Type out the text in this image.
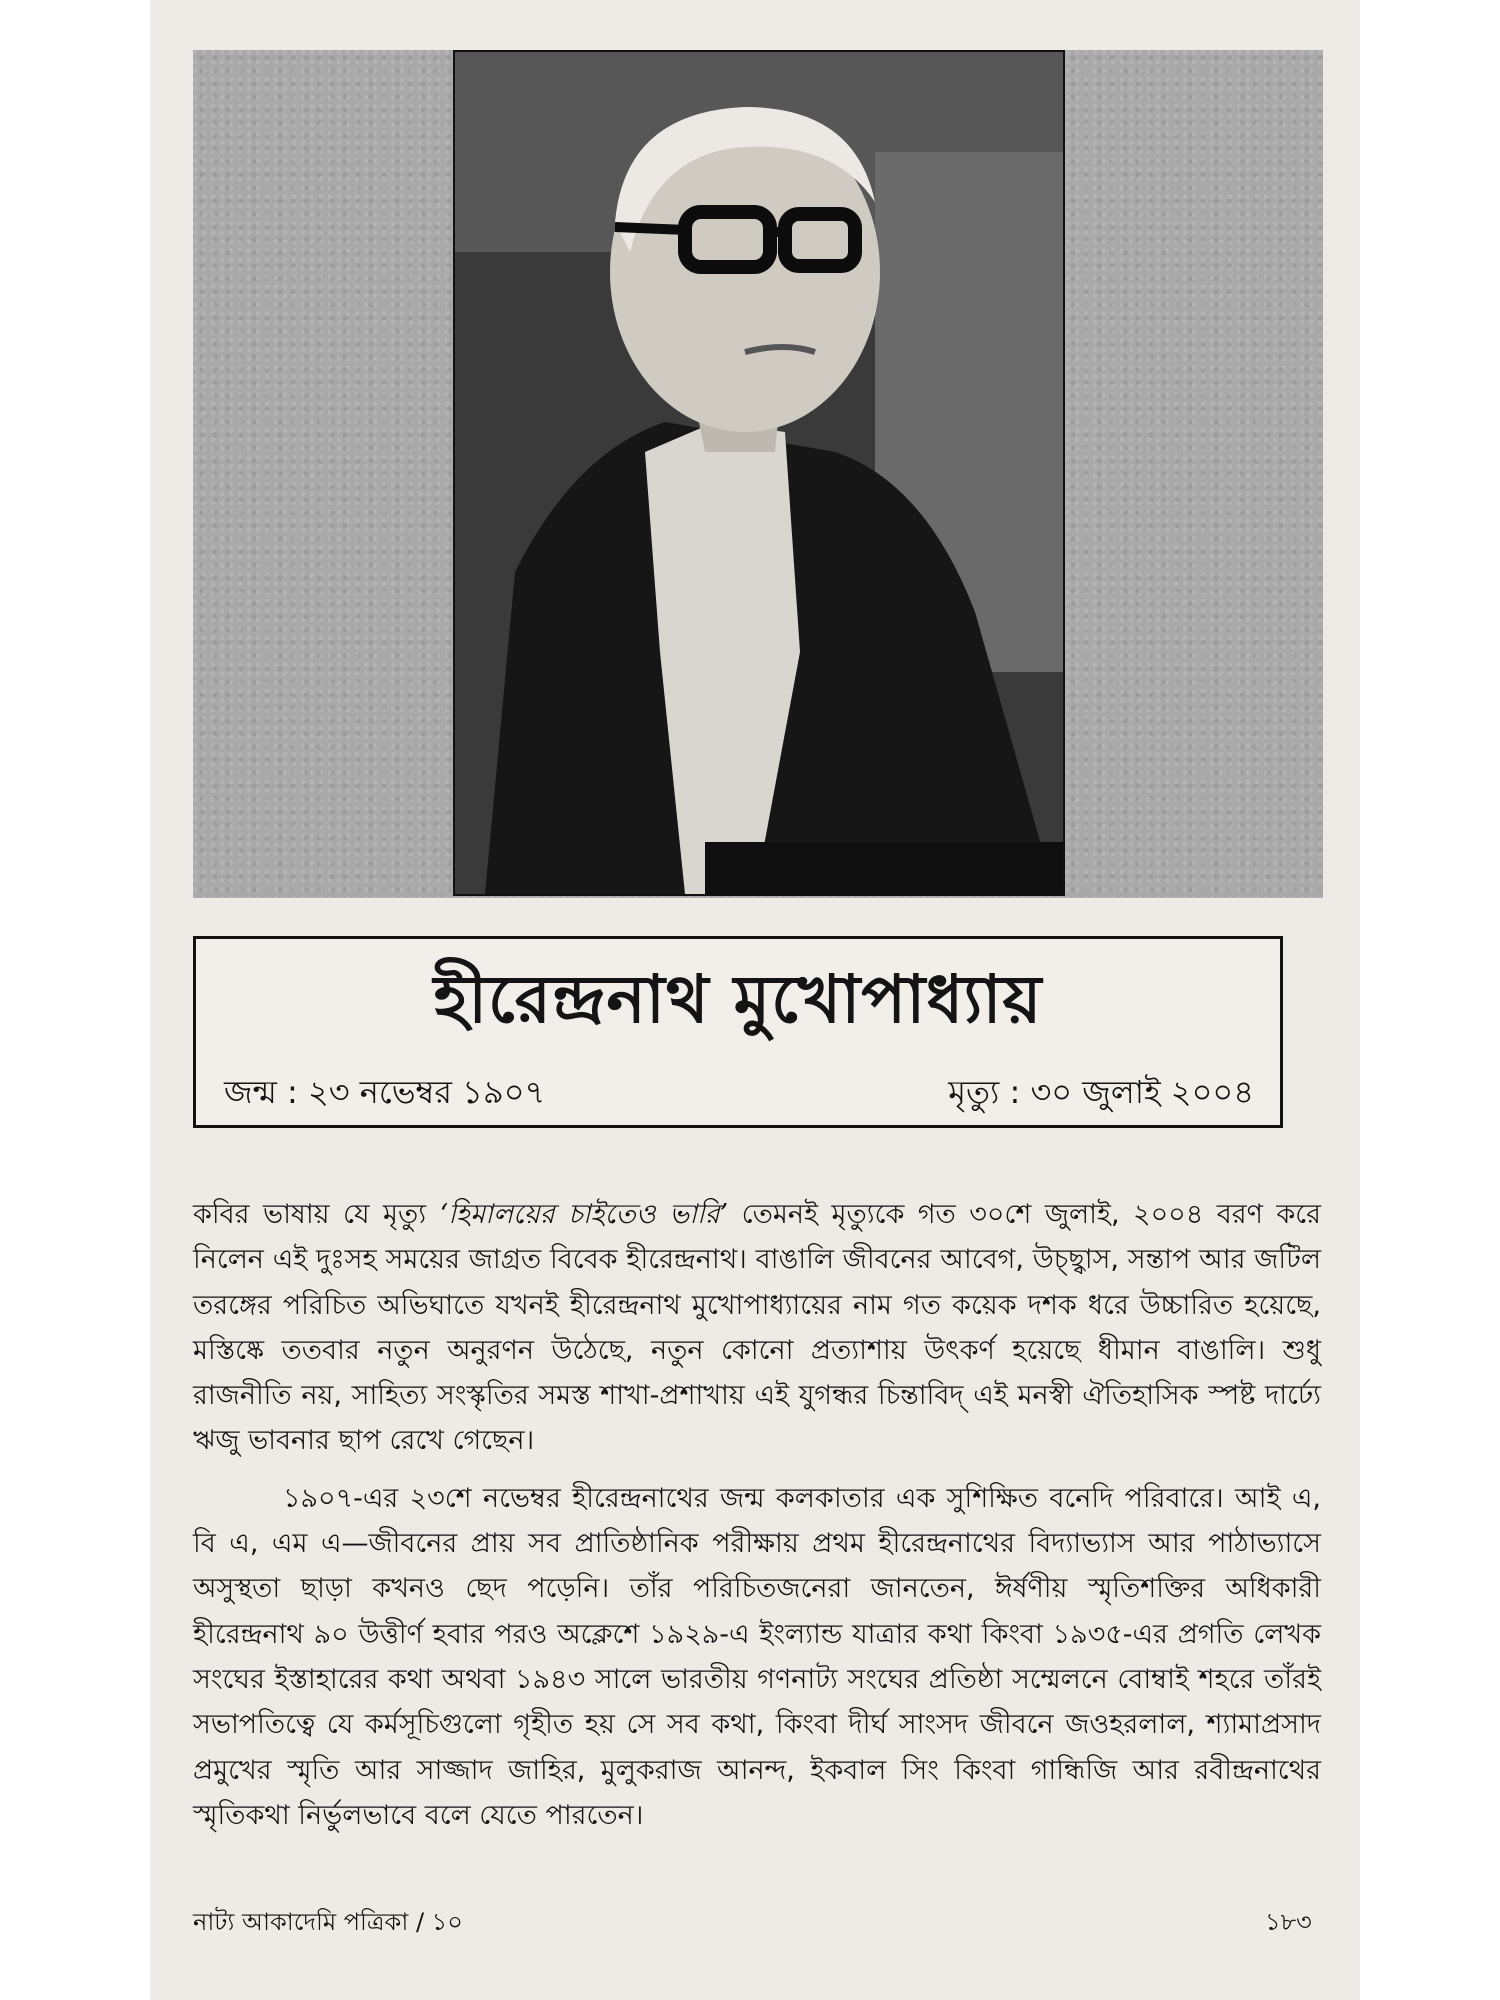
হীরেন্দ্রনাথ মুখোপাধ্যায়
জন্ম : ২৩ নভেম্বর ১৯০৭	মৃত্যু : ৩০ জুলাই ২০০৪

কবির ভাষায় যে মৃত্যু ‘হিমালয়ের চাইতেও ভারি’ তেমনই মৃত্যুকে গত ৩০শে জুলাই, ২০০৪ বরণ করে নিলেন এই দুঃসহ সময়ের জাগ্রত বিবেক হীরেন্দ্রনাথ। বাঙালি জীবনের আবেগ, উচ্ছ্বাস, সন্তাপ আর জটিল তরঙ্গের পরিচিত অভিঘাতে যখনই হীরেন্দ্রনাথ মুখোপাধ্যায়ের নাম গত কয়েক দশক ধরে উচ্চারিত হয়েছে, মস্তিষ্কে ততবার নতুন অনুরণন উঠেছে, নতুন কোনো প্রত্যাশায় উৎকর্ণ হয়েছে ধীমান বাঙালি। শুধু রাজনীতি নয়, সাহিত্য সংস্কৃতির সমস্ত শাখা-প্রশাখায় এই যুগন্ধর চিন্তাবিদ্‌ এই মনস্বী ঐতিহাসিক স্পষ্ট দার্ঢ্যে ঋজু ভাবনার ছাপ রেখে গেছেন।

১৯০৭-এর ২৩শে নভেম্বর হীরেন্দ্রনাথের জন্ম কলকাতার এক সুশিক্ষিত বনেদি পরিবারে। আই এ, বি এ, এম এ—জীবনের প্রায় সব প্রাতিষ্ঠানিক পরীক্ষায় প্রথম হীরেন্দ্রনাথের বিদ্যাভ্যাস আর পাঠাভ্যাসে অসুস্থতা ছাড়া কখনও ছেদ পড়েনি। তাঁর পরিচিতজনেরা জানতেন, ঈর্ষণীয় স্মৃতিশক্তির অধিকারী হীরেন্দ্রনাথ ৯০ উত্তীর্ণ হবার পরও অক্লেশে ১৯২৯-এ ইংল্যান্ড যাত্রার কথা কিংবা ১৯৩৫-এর প্রগতি লেখক সংঘের ইস্তাহারের কথা অথবা ১৯৪৩ সালে ভারতীয় গণনাট্য সংঘের প্রতিষ্ঠা সম্মেলনে বোম্বাই শহরে তাঁরই সভাপতিত্বে যে কর্মসূচিগুলো গৃহীত হয় সে সব কথা, কিংবা দীর্ঘ সাংসদ জীবনে জওহরলাল, শ্যামাপ্রসাদ প্রমুখের স্মৃতি আর সাজ্জাদ জাহির, মুলুকরাজ আনন্দ, ইকবাল সিং কিংবা গান্ধিজি আর রবীন্দ্রনাথের স্মৃতিকথা নির্ভুলভাবে বলে যেতে পারতেন।

নাট্য আকাদেমি পত্রিকা / ১০	১৮৩
